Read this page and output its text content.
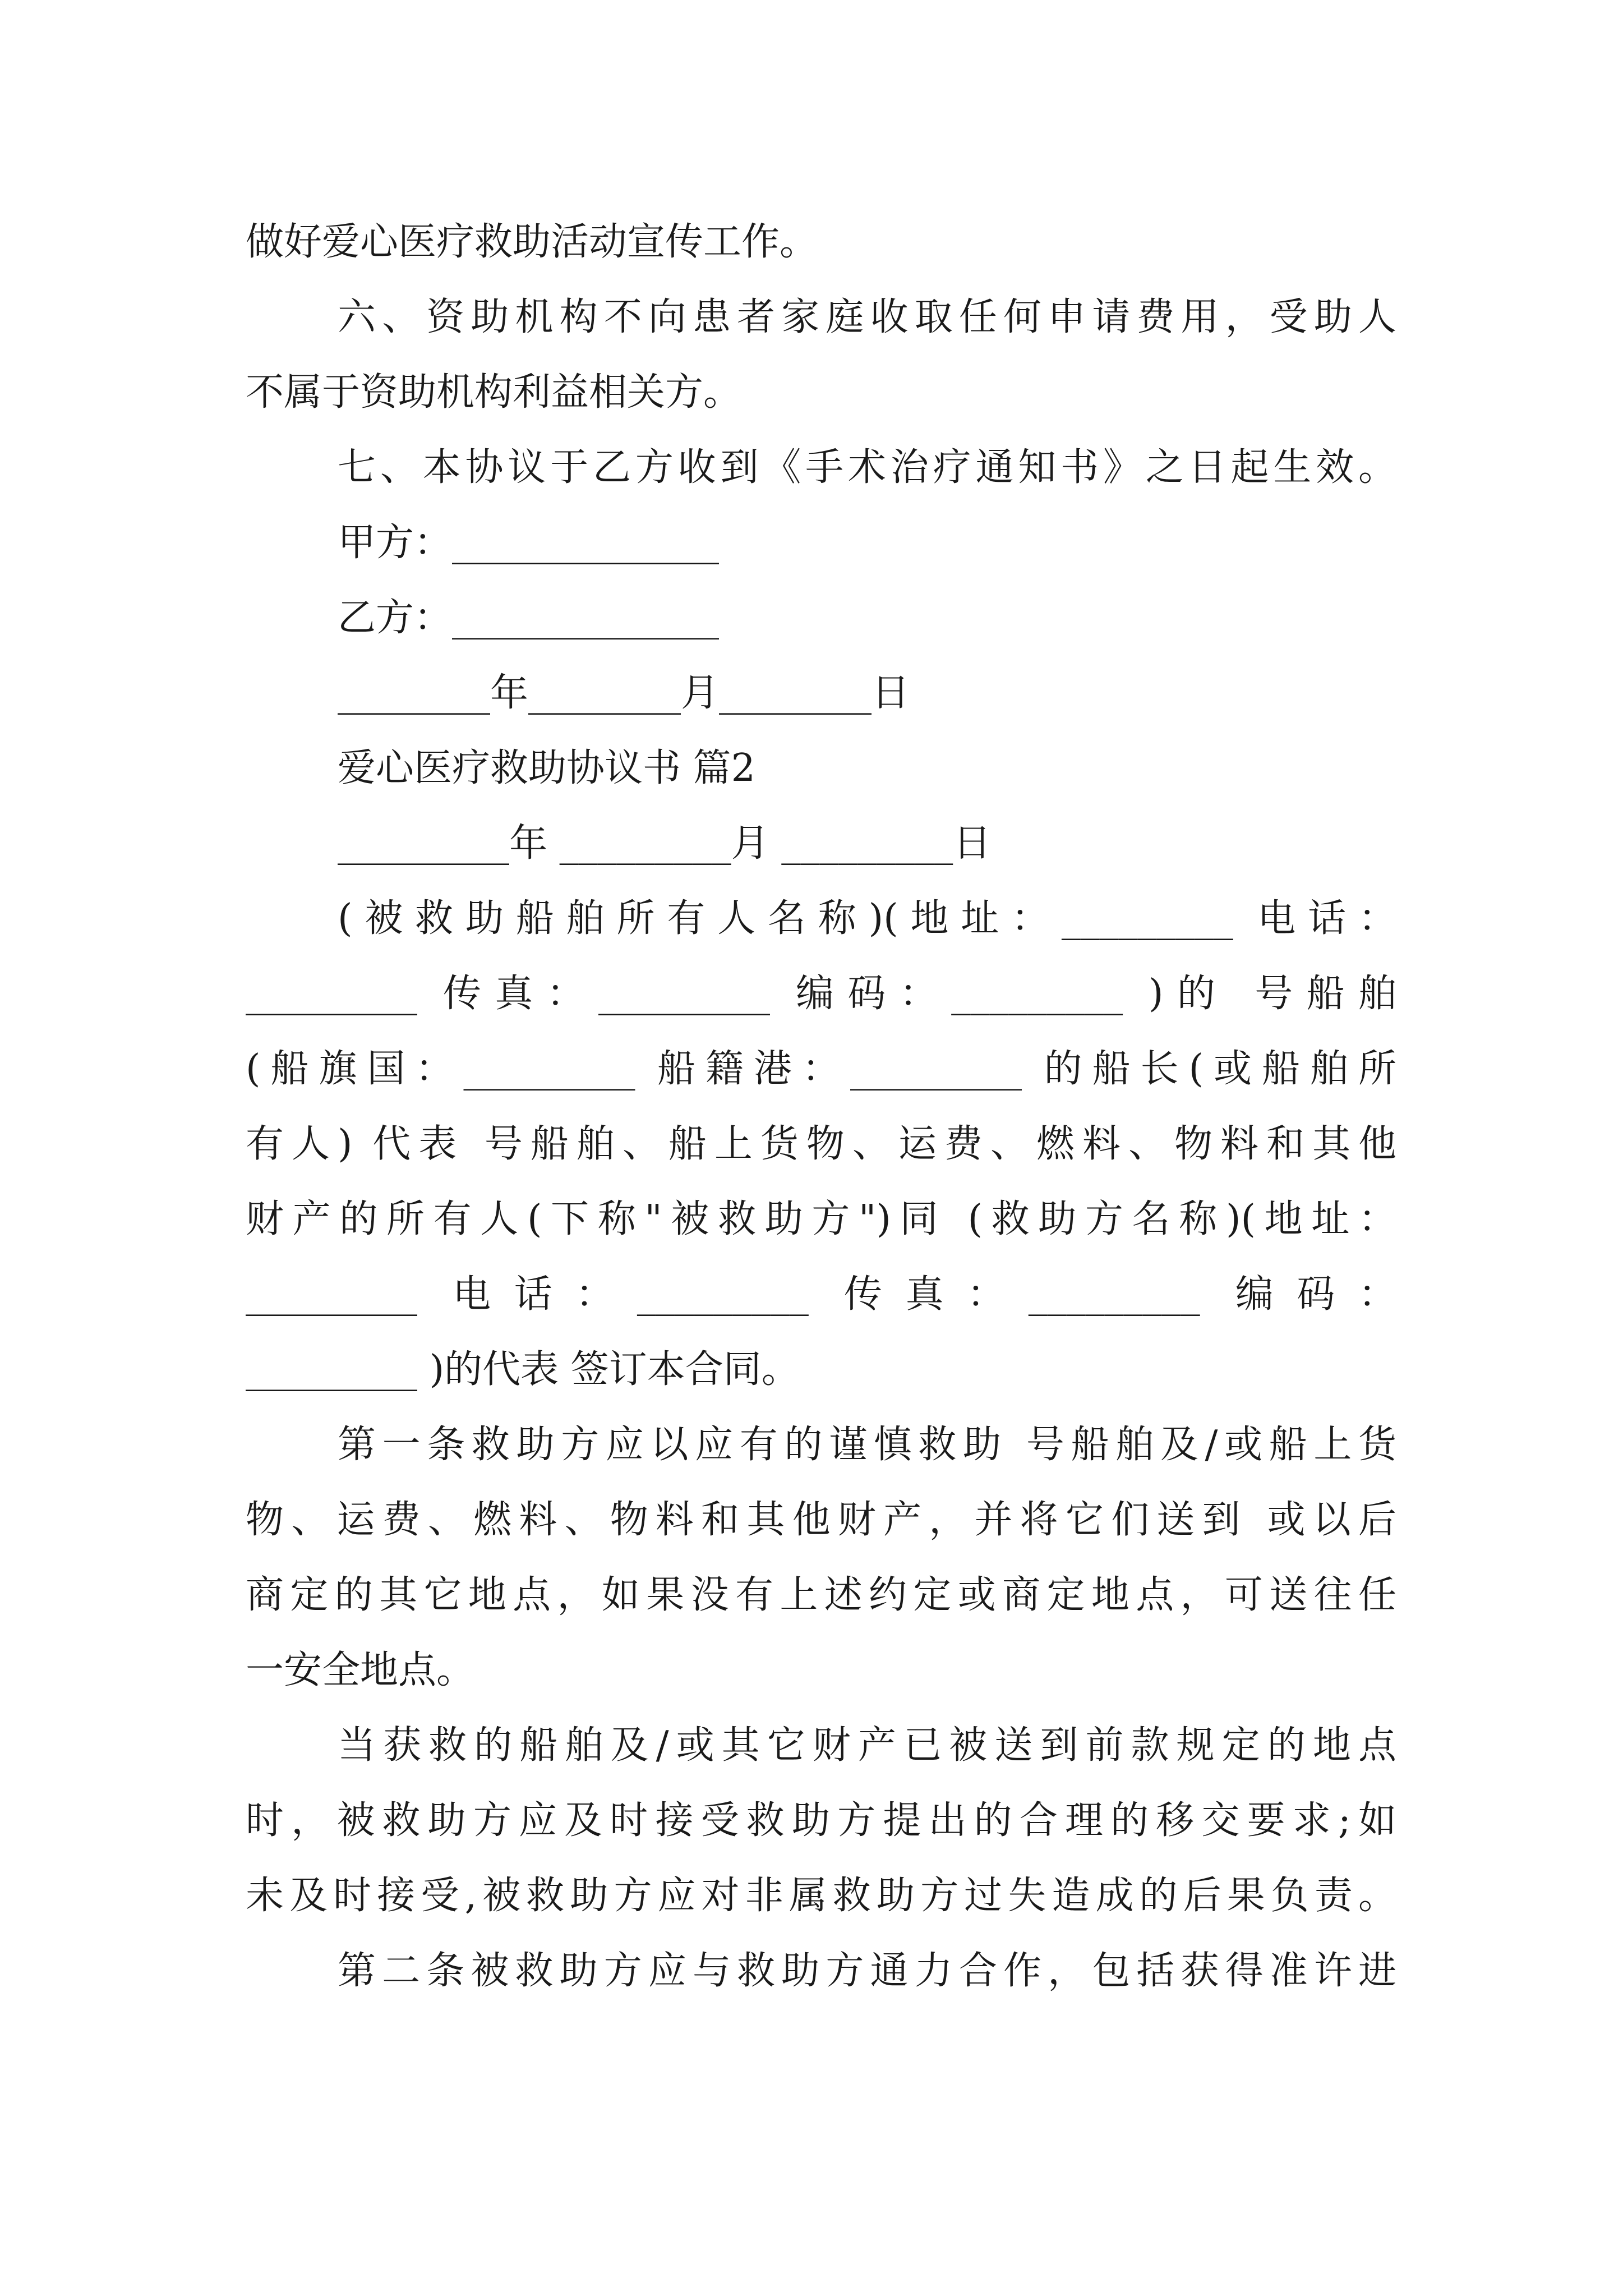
做好爱心医疗救助活动宣传工作。
六、资助机构不向患者家庭收取任何申请费用，受助人
不属于资助机构利益相关方。
七、本协议于乙方收到《手术治疗通知书》之日起生效。
甲方：______________
乙方：______________
________年________月________日
爱心医疗救助协议书 篇2
_________年 _________月 _________日
(被救助船舶所有人名称)(地址：_________ 电话：
_________ 传真：_________ 编码：_________ )的 号船舶
(船旗国：_________ 船籍港：_________ 的船长(或船舶所
有人) 代表 号船舶、船上货物、运费、燃料、物料和其他
财产的所有人(下称"被救助方")同 (救助方名称)(地址：
_________ 电话：_________ 传真：_________ 编码：
_________ )的代表 签订本合同。
第一条救助方应以应有的谨慎救助 号船舶及/或船上货
物、运费、燃料、物料和其他财产，并将它们送到 或以后
商定的其它地点，如果没有上述约定或商定地点，可送往任
一安全地点。
当获救的船舶及/或其它财产已被送到前款规定的地点
时，被救助方应及时接受救助方提出的合理的移交要求;如
未及时接受,被救助方应对非属救助方过失造成的后果负责。
第二条被救助方应与救助方通力合作，包括获得准许进
